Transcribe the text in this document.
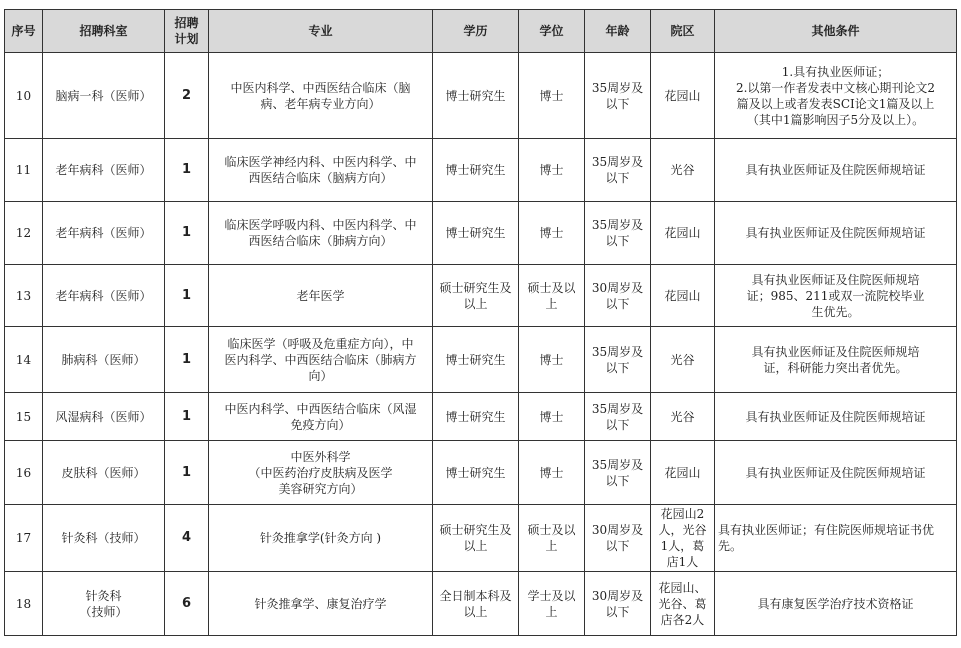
序号	招聘科室	招聘
计划	专业	学历	学位	年龄	院区	其他条件
10	脑病一科（医师）	2	中医内科学、中西医结合临床（脑
病、老年病专业方向）	博士研究生	博士	35周岁及
以下	花园山	1.具有执业医师证；
2.以第一作者发表中文核心期刊论文2
篇及以上或者发表SCI论文1篇及以上
（其中1篇影响因子5分及以上）。

11	老年病科（医师）	1	临床医学神经内科、中医内科学、中
西医结合临床（脑病方向）	博士研究生	博士	35周岁及
以下	光谷	具有执业医师证及住院医师规培证

12	老年病科（医师）	1	临床医学呼吸内科、中医内科学、中
西医结合临床（肺病方向）	博士研究生	博士	35周岁及
以下	花园山	具有执业医师证及住院医师规培证

13	老年病科（医师）	1	老年医学	硕士研究生及
以上	硕士及以
上	30周岁及
以下	花园山	具有执业医师证及住院医师规培
证；985、211或双一流院校毕业
生优先。

14	肺病科（医师）	1	临床医学（呼吸及危重症方向），中
医内科学、中西医结合临床（肺病方
向）	博士研究生	博士	35周岁及
以下	光谷	具有执业医师证及住院医师规培
证，科研能力突出者优先。

15	风湿病科（医师）	1	中医内科学、中西医结合临床（风湿
免疫方向）	博士研究生	博士	35周岁及
以下	光谷	具有执业医师证及住院医师规培证

16	皮肤科（医师）	1	中医外科学
（中医药治疗皮肤病及医学
美容研究方向）	博士研究生	博士	35周岁及
以下	花园山	具有执业医师证及住院医师规培证

17	针灸科（技师）	4	针灸推拿学(针灸方向 )	硕士研究生及
以上	硕士及以
上	30周岁及
以下	花园山2
人，光谷
1人，葛
店1人	具有执业医师证；有住院医师规培证书优
先。

18	针灸科
（技师）	6	针灸推拿学、康复治疗学	全日制本科及
以上	学士及以
上	30周岁及
以下	花园山、
光谷、葛
店各2人	具有康复医学治疗技术资格证
